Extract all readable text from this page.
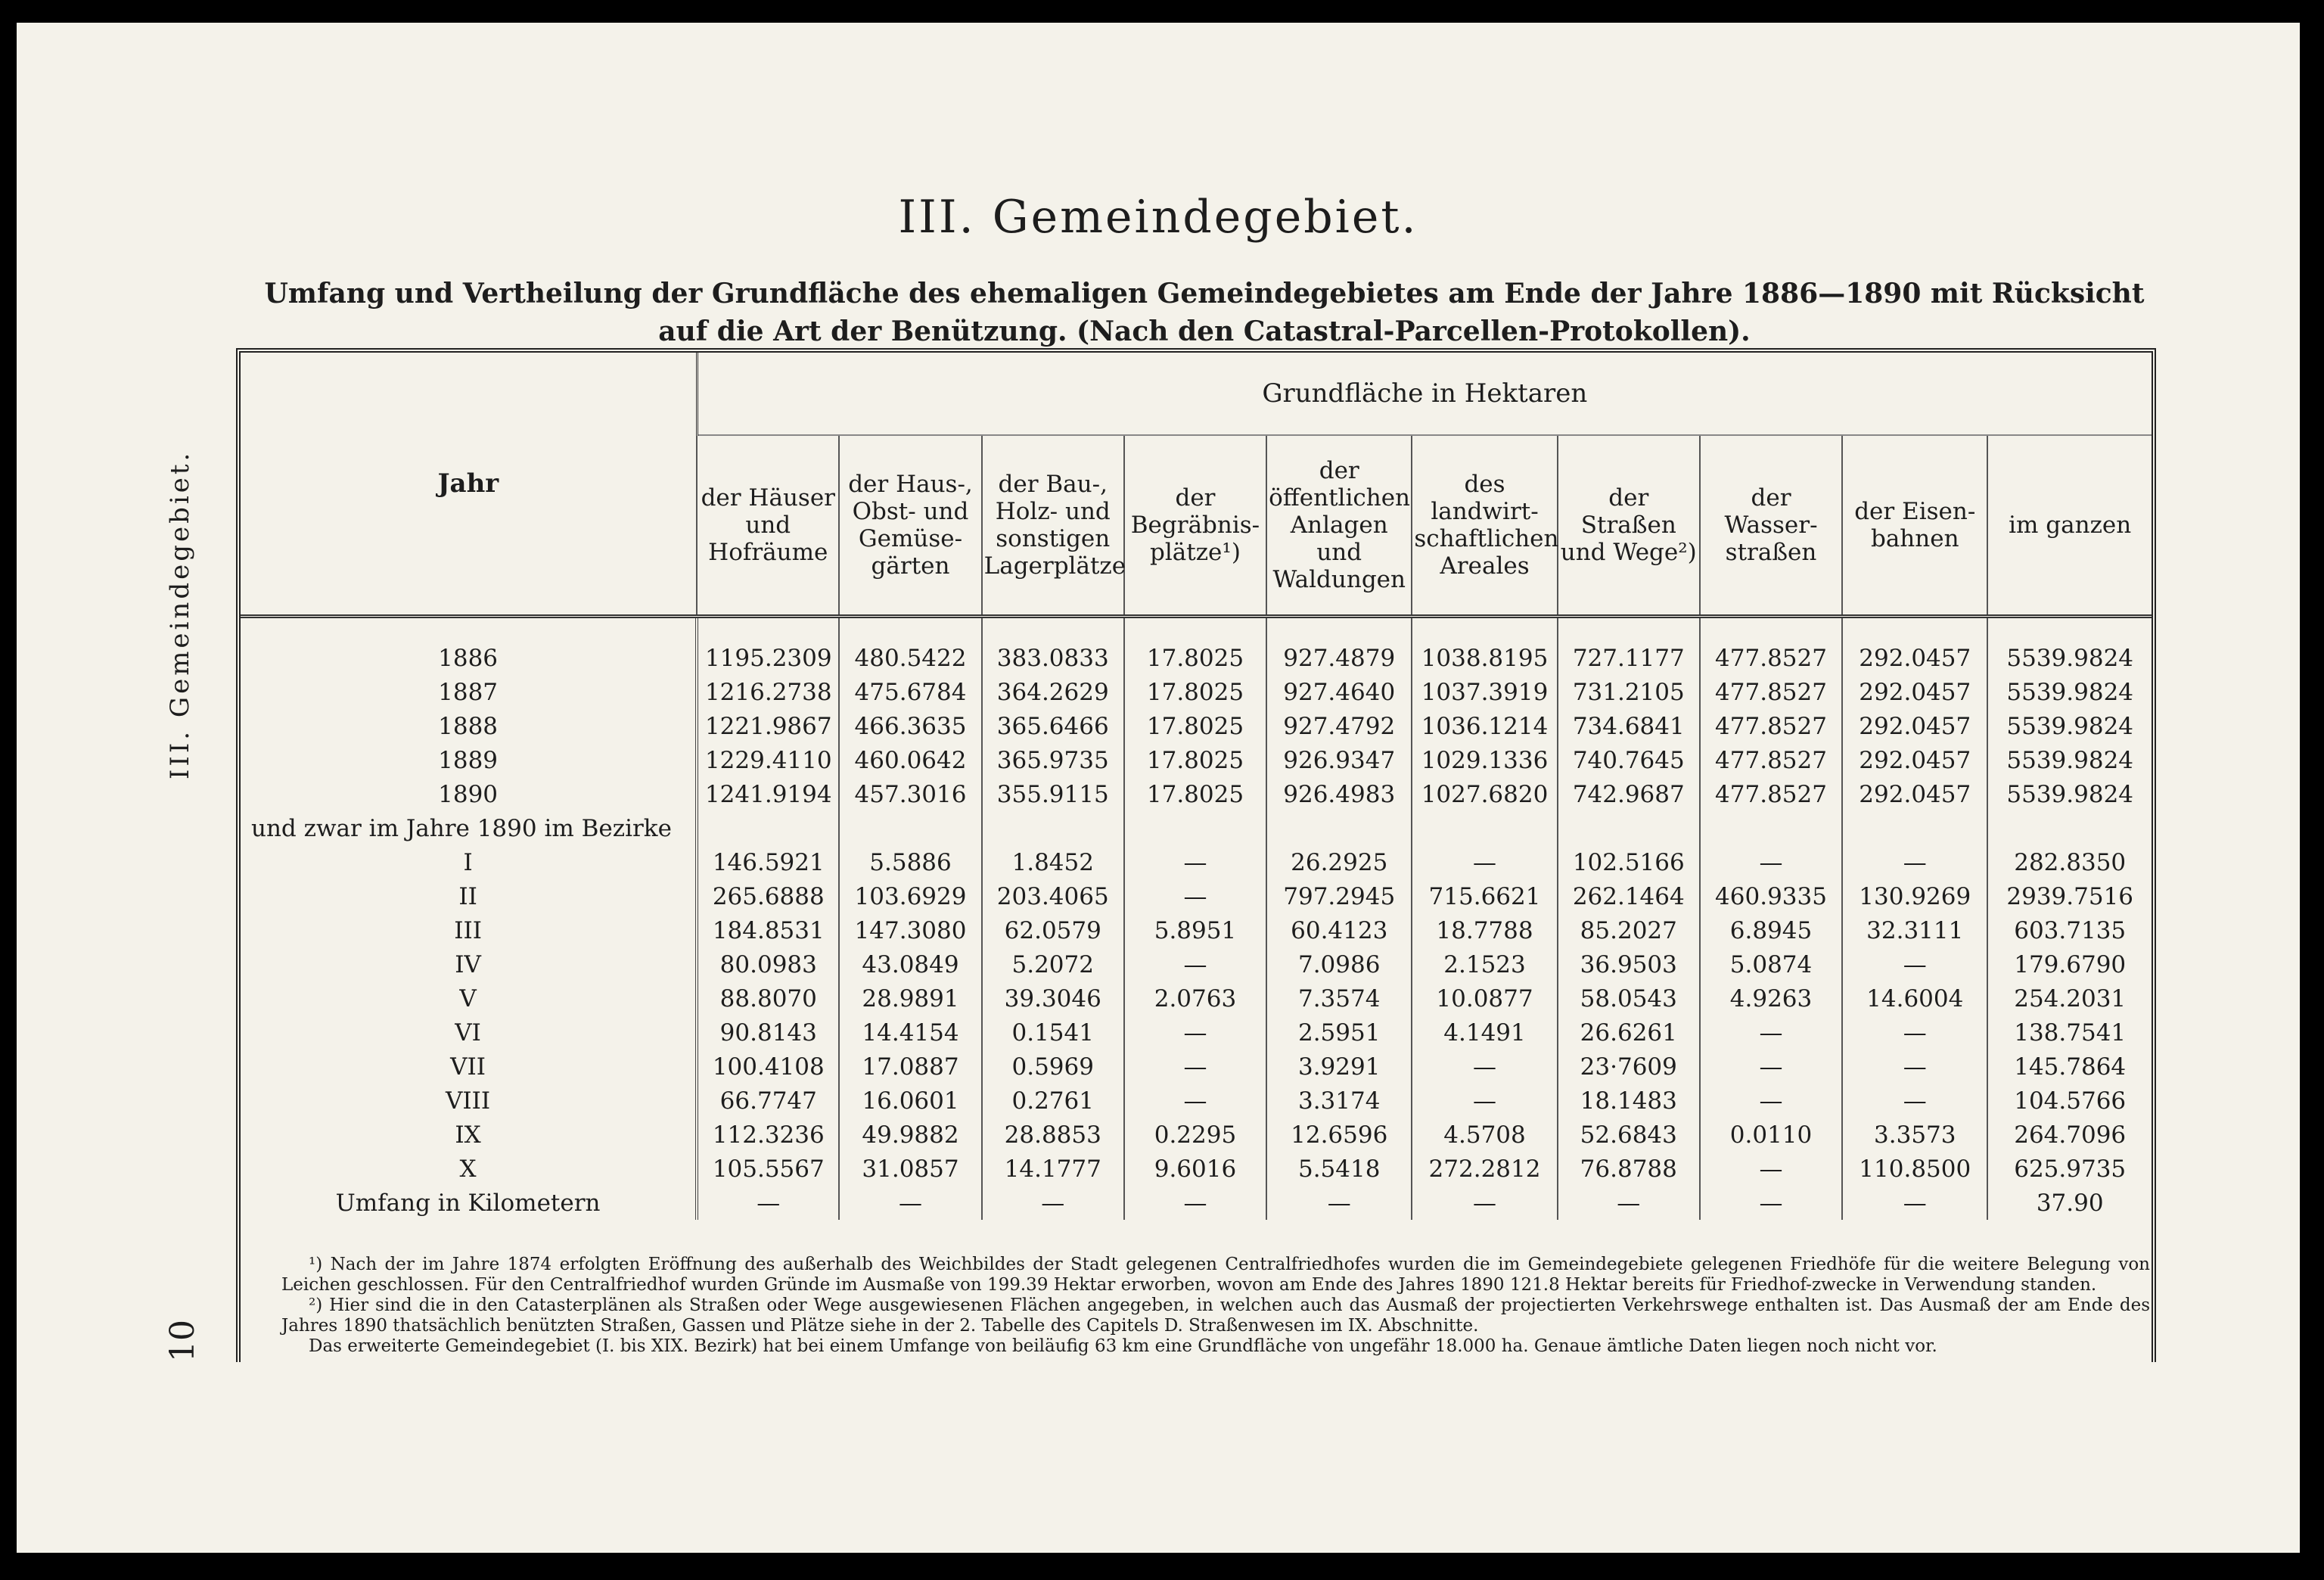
III. Gemeindegebiet.
10
III. Gemeindegebiet.
Umfang und Vertheilung der Grundfläche des ehemaligen Gemeindegebietes am Ende der Jahre 1886—1890 mit Rücksicht
auf die Art der Benützung. (Nach den Catastral-Parcellen-Protokollen).
Jahr	Grundfläche in Hektaren									
	der Häuser und Hofräume	der Haus-, Obst- und Gemüse-gärten	der Bau-, Holz- und sonstigen Lagerplätze	der Begräbnis-plätze¹)	der öffentlichen Anlagen und Waldungen	des landwirt-schaftlichen Areales	der Straßen und Wege²)	der Wasser-straßen	der Eisen-bahnen	im ganzen

1886	1195.2309	480.5422	383.0833	17.8025	927.4879	1038.8195	727.1177	477.8527	292.0457	5539.9824
1887	1216.2738	475.6784	364.2629	17.8025	927.4640	1037.3919	731.2105	477.8527	292.0457	5539.9824
1888	1221.9867	466.3635	365.6466	17.8025	927.4792	1036.1214	734.6841	477.8527	292.0457	5539.9824
1889	1229.4110	460.0642	365.9735	17.8025	926.9347	1029.1336	740.7645	477.8527	292.0457	5539.9824
1890	1241.9194	457.3016	355.9115	17.8025	926.4983	1027.6820	742.9687	477.8527	292.0457	5539.9824
und zwar im Jahre 1890 im Bezirke										
I	146.5921	5.5886	1.8452	—	26.2925	—	102.5166	—	—	282.8350
II	265.6888	103.6929	203.4065	—	797.2945	715.6621	262.1464	460.9335	130.9269	2939.7516
III	184.8531	147.3080	62.0579	5.8951	60.4123	18.7788	85.2027	6.8945	32.3111	603.7135
IV	80.0983	43.0849	5.2072	—	7.0986	2.1523	36.9503	5.0874	—	179.6790
V	88.8070	28.9891	39.3046	2.0763	7.3574	10.0877	58.0543	4.9263	14.6004	254.2031
VI	90.8143	14.4154	0.1541	—	2.5951	4.1491	26.6261	—	—	138.7541
VII	100.4108	17.0887	0.5969	—	3.9291	—	23·7609	—	—	145.7864
VIII	66.7747	16.0601	0.2761	—	3.3174	—	18.1483	—	—	104.5766
IX	112.3236	49.9882	28.8853	0.2295	12.6596	4.5708	52.6843	0.0110	3.3573	264.7096
X	105.5567	31.0857	14.1777	9.6016	5.5418	272.2812	76.8788	—	110.8500	625.9735
Umfang in Kilometern	—	—	—	—	—	—	—	—	—	37.90

¹) Nach der im Jahre 1874 erfolgten Eröffnung des außerhalb des Weichbildes der Stadt gelegenen Centralfriedhofes wurden die im Gemeindegebiete gelegenen Friedhöfe für die weitere Belegung von Leichen geschlossen. Für den Centralfriedhof wurden Gründe im Ausmaße von 199.39 Hektar erworben, wovon am Ende des Jahres 1890 121.8 Hektar bereits für Friedhof-zwecke in Verwendung standen.

²) Hier sind die in den Catasterplänen als Straßen oder Wege ausgewiesenen Flächen angegeben, in welchen auch das Ausmaß der projectierten Verkehrswege enthalten ist. Das Ausmaß der am Ende des Jahres 1890 thatsächlich benützten Straßen, Gassen und Plätze siehe in der 2. Tabelle des Capitels D. Straßenwesen im IX. Abschnitte.

Das erweiterte Gemeindegebiet (I. bis XIX. Bezirk) hat bei einem Umfange von beiläufig 63 km eine Grundfläche von ungefähr 18.000 ha. Genaue ämtliche Daten liegen noch nicht vor.
